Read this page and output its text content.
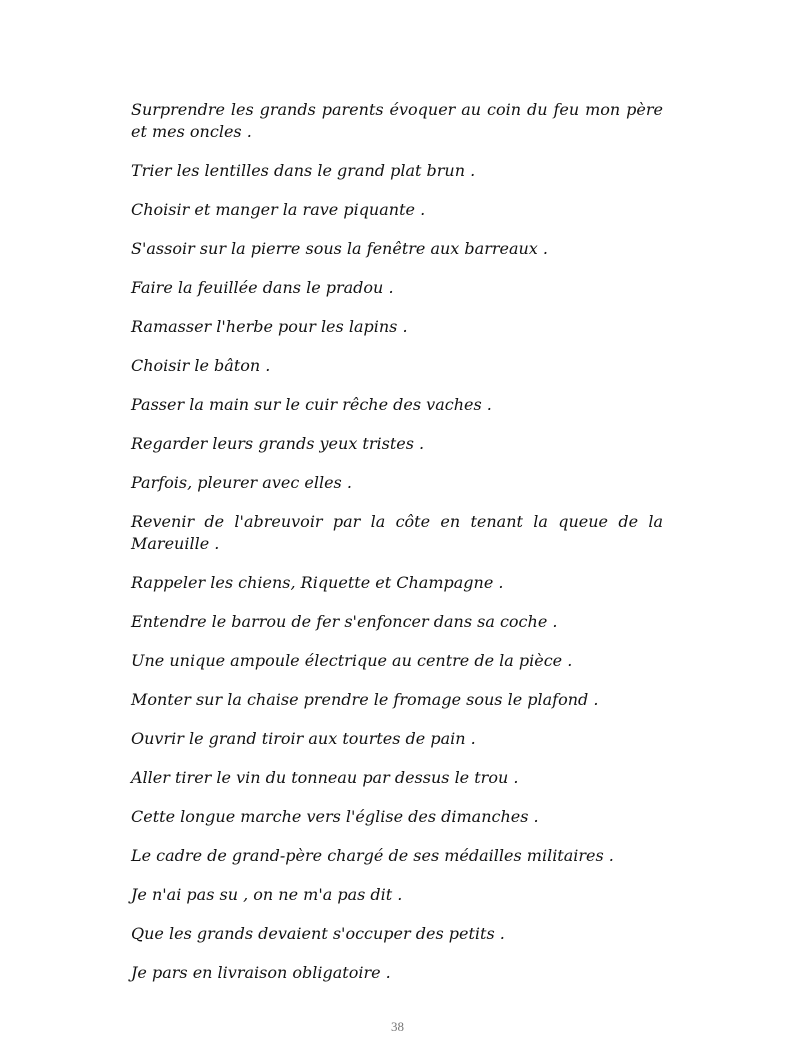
Surprendre les grands parents évoquer au coin du feu mon père et mes oncles .

Trier les lentilles dans le grand plat brun .

Choisir et manger la rave piquante .

S'assoir sur la pierre sous la fenêtre aux barreaux .

Faire la feuillée dans le pradou .

Ramasser l'herbe pour les lapins .

Choisir le bâton .

Passer la main sur le cuir rêche des vaches .

Regarder leurs grands yeux tristes .

Parfois, pleurer avec elles .

Revenir de l'abreuvoir par la côte en tenant la queue de la Mareuille .

Rappeler les chiens, Riquette et Champagne .

Entendre le barrou de fer s'enfoncer dans sa coche .

Une unique ampoule électrique au centre de la pièce .

Monter sur la chaise prendre le fromage sous le plafond .

Ouvrir le grand tiroir aux tourtes de pain .

Aller tirer le vin du tonneau par dessus le trou .

Cette longue marche vers l'église des dimanches .

Le cadre de grand-père chargé de ses médailles militaires .

Je n'ai pas su , on ne m'a pas dit .

Que les grands devaient s'occuper des petits .

Je pars en livraison obligatoire .

38
